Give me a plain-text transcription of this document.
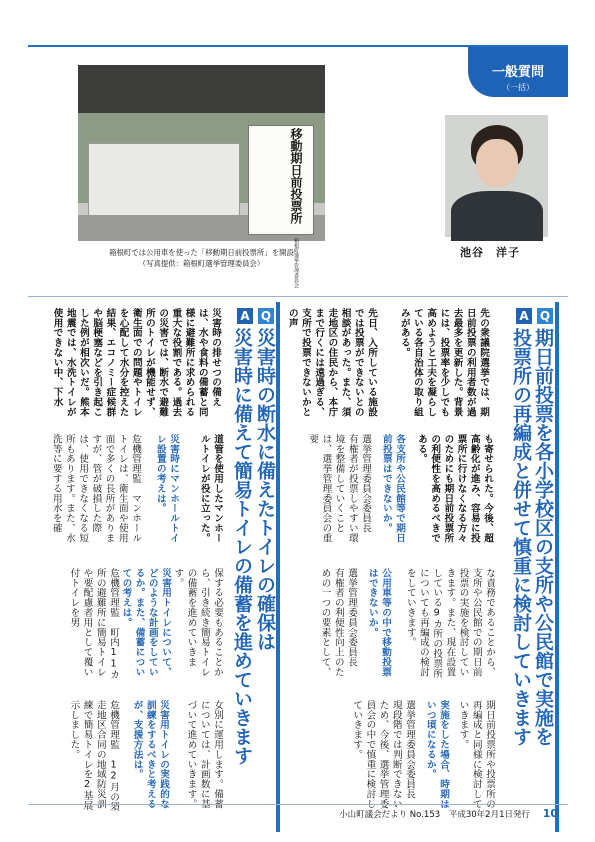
一般質問
（一括）
移動期日前投票所 箱根町選挙管理委員会
箱根町では公用車を使った「移動期日前投票所」を開設
（写真提供：箱根町選挙管理委員会）
池谷　洋子
Q
A
期日前投票を各小学校区の支所や公民館で実施を
投票所の再編成と併せて慎重に検討していきます
先の衆議院選挙では、期日前投票の利用者数が過去最多を更新した。背景には、投票率を少しでも高めようと工夫を凝らしている各自治体の取り組みがある。
先日、入所している施設では投票ができないとの相談があった。また、須走地区の住民から、本庁まで行くには遠過ぎる、支所で投票できないかとの声
も寄せられた。今後、超高齢化が進み、容易に投票所に行けなくなる方々のためにも期日前投票所の利便性を高めるべきである。
各支所や公民館等で期日前投票はできないか。
選挙管理委員会委員長　有権者が投票しやすい環境を整備していくことは、選挙管理委員会の重要
な責務であることから、支所や公民館での期日前投票の実施を検討していきます。また、現在設置している9カ所の投票所についても再編成の検討をしていきます。
公用車等の中で移動投票はできないか。
選挙管理委員会委員長　有権者の利便性向上のための一つの要素として、
期日前投票所や投票所の再編成と同様に検討していきます。
実施をした場合、時期はいつ頃になるか。
選挙管理委員会委員長　現段階では判断できないため、今後、選挙管理委員会の中で慎重に検討していきます。
Q
A
災害時の断水に備えたトイレの確保は
災害時に備えて簡易トイレの備蓄を進めていきます
災害時の排せつの備えは、水や食料の備蓄と同様に避難所に求められる重大な役割である。過去の災害では、断水で避難所のトイレが機能せず、衛生面での問題やトイレを心配して水分を控えた結果、エコノミー症候群や脳梗塞などを引き起こした例が相次いだ。熊本地震では、水洗トイレが使用できない中、下水
道管を使用したマンホールトイレが役に立った。
災害時にマンホールトイレ設置の考えは。
危機管理監　マンホールトイレは、衛生面や使用面で多くの長所がありますが、管が破損した際は、使用できなくなる短所もあります。また、水洗等に要する用水を確
保する必要もあることから、引き続き簡易トイレの備蓄を進めていきます。
災害用トイレについて、どのような計画をしているか。また、備蓄についての考えは。
危機管理監　町内11カ所の避難所に簡易トイレや要配慮者用として覆い付トイレを男
女別に運用します。備蓄については、計画数に基づいて進めていきます。
災害用トイレの実践的な訓練をするべきと考えるが、支援方法は。
危機管理監　12月の須走地区合同の地域防災訓練で簡易トイレを2基展示しました。
小山町議会だより No.153 平成30年2月1日発行 10
